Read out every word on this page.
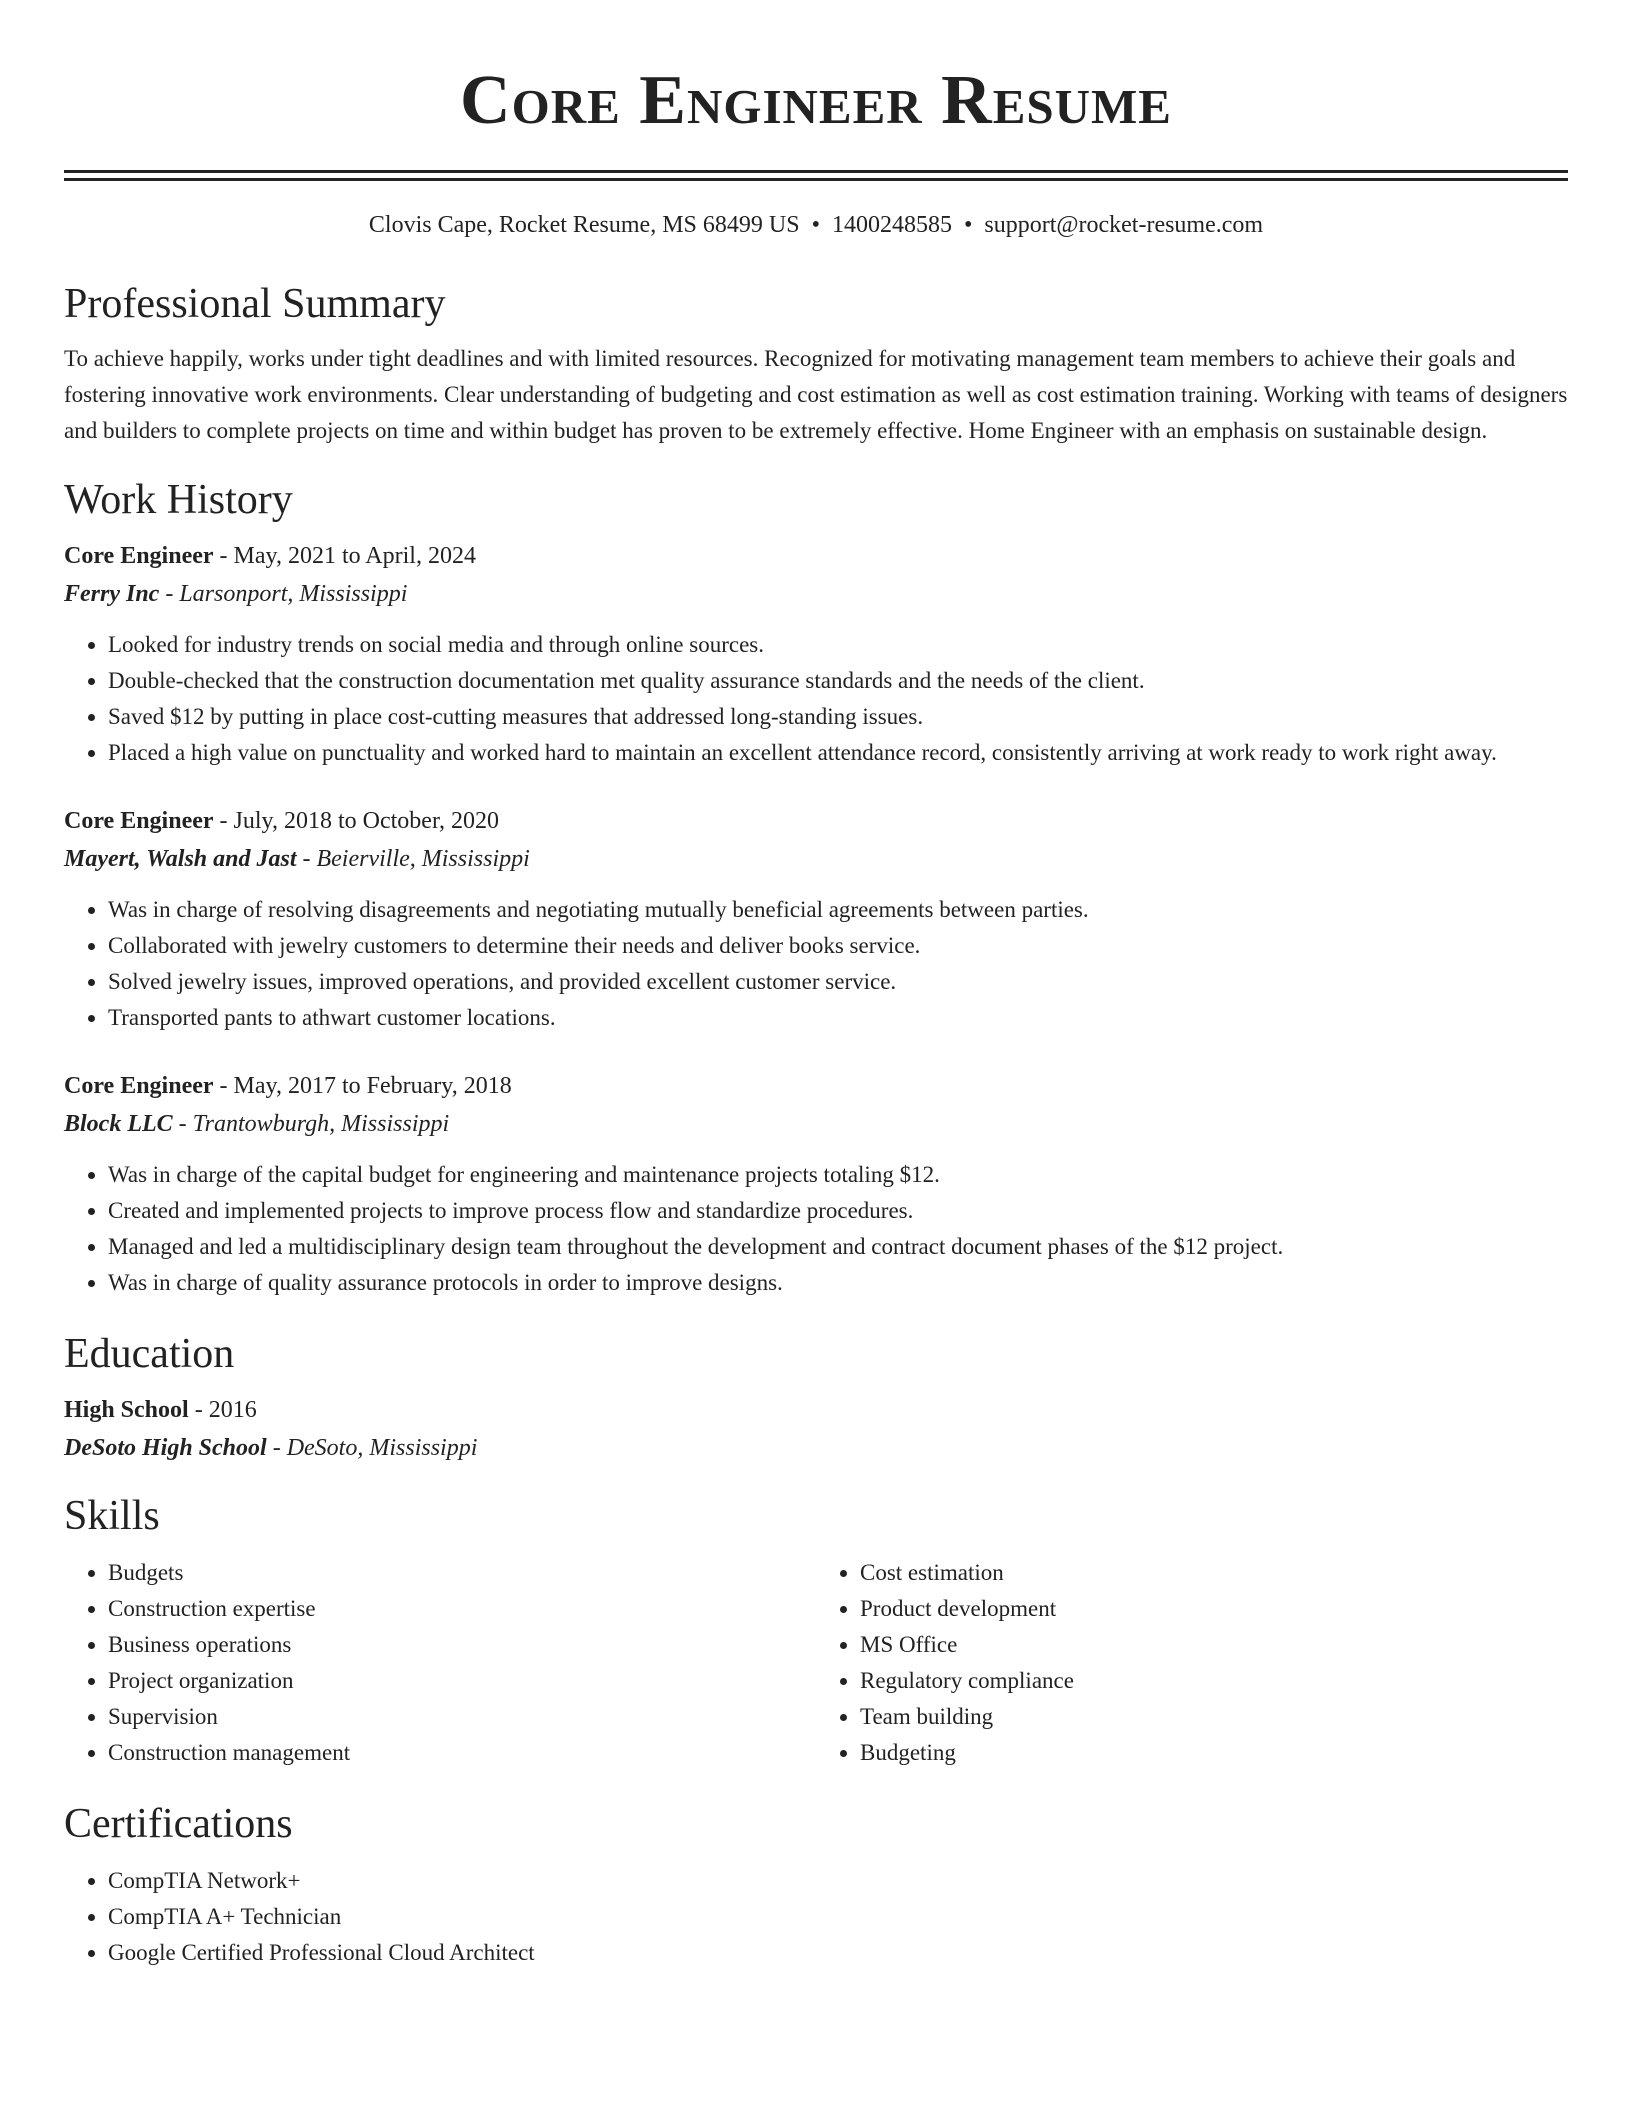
Core Engineer Resume
Clovis Cape, Rocket Resume, MS 68499 US • 1400248585 • support@rocket-resume.com
Professional Summary

To achieve happily, works under tight deadlines and with limited resources. Recognized for motivating management team members to achieve their goals and fostering innovative work environments. Clear understanding of budgeting and cost estimation as well as cost estimation training. Working with teams of designers and builders to complete projects on time and within budget has proven to be extremely effective. Home Engineer with an emphasis on sustainable design.

Work History
Core Engineer - May, 2021 to April, 2024
Ferry Inc - Larsonport, Mississippi
• Looked for industry trends on social media and through online sources.
• Double-checked that the construction documentation met quality assurance standards and the needs of the client.
• Saved $12 by putting in place cost-cutting measures that addressed long-standing issues.
• Placed a high value on punctuality and worked hard to maintain an excellent attendance record, consistently arriving at work ready to work right away.
Core Engineer - July, 2018 to October, 2020
Mayert, Walsh and Jast - Beierville, Mississippi
• Was in charge of resolving disagreements and negotiating mutually beneficial agreements between parties.
• Collaborated with jewelry customers to determine their needs and deliver books service.
• Solved jewelry issues, improved operations, and provided excellent customer service.
• Transported pants to athwart customer locations.
Core Engineer - May, 2017 to February, 2018
Block LLC - Trantowburgh, Mississippi
• Was in charge of the capital budget for engineering and maintenance projects totaling $12.
• Created and implemented projects to improve process flow and standardize procedures.
• Managed and led a multidisciplinary design team throughout the development and contract document phases of the $12 project.
• Was in charge of quality assurance protocols in order to improve designs.
Education
High School - 2016
DeSoto High School - DeSoto, Mississippi
Skills
• Budgets
• Construction expertise
• Business operations
• Project organization
• Supervision
• Construction management
• Cost estimation
• Product development
• MS Office
• Regulatory compliance
• Team building
• Budgeting
Certifications
• CompTIA Network+
• CompTIA A+ Technician
• Google Certified Professional Cloud Architect
